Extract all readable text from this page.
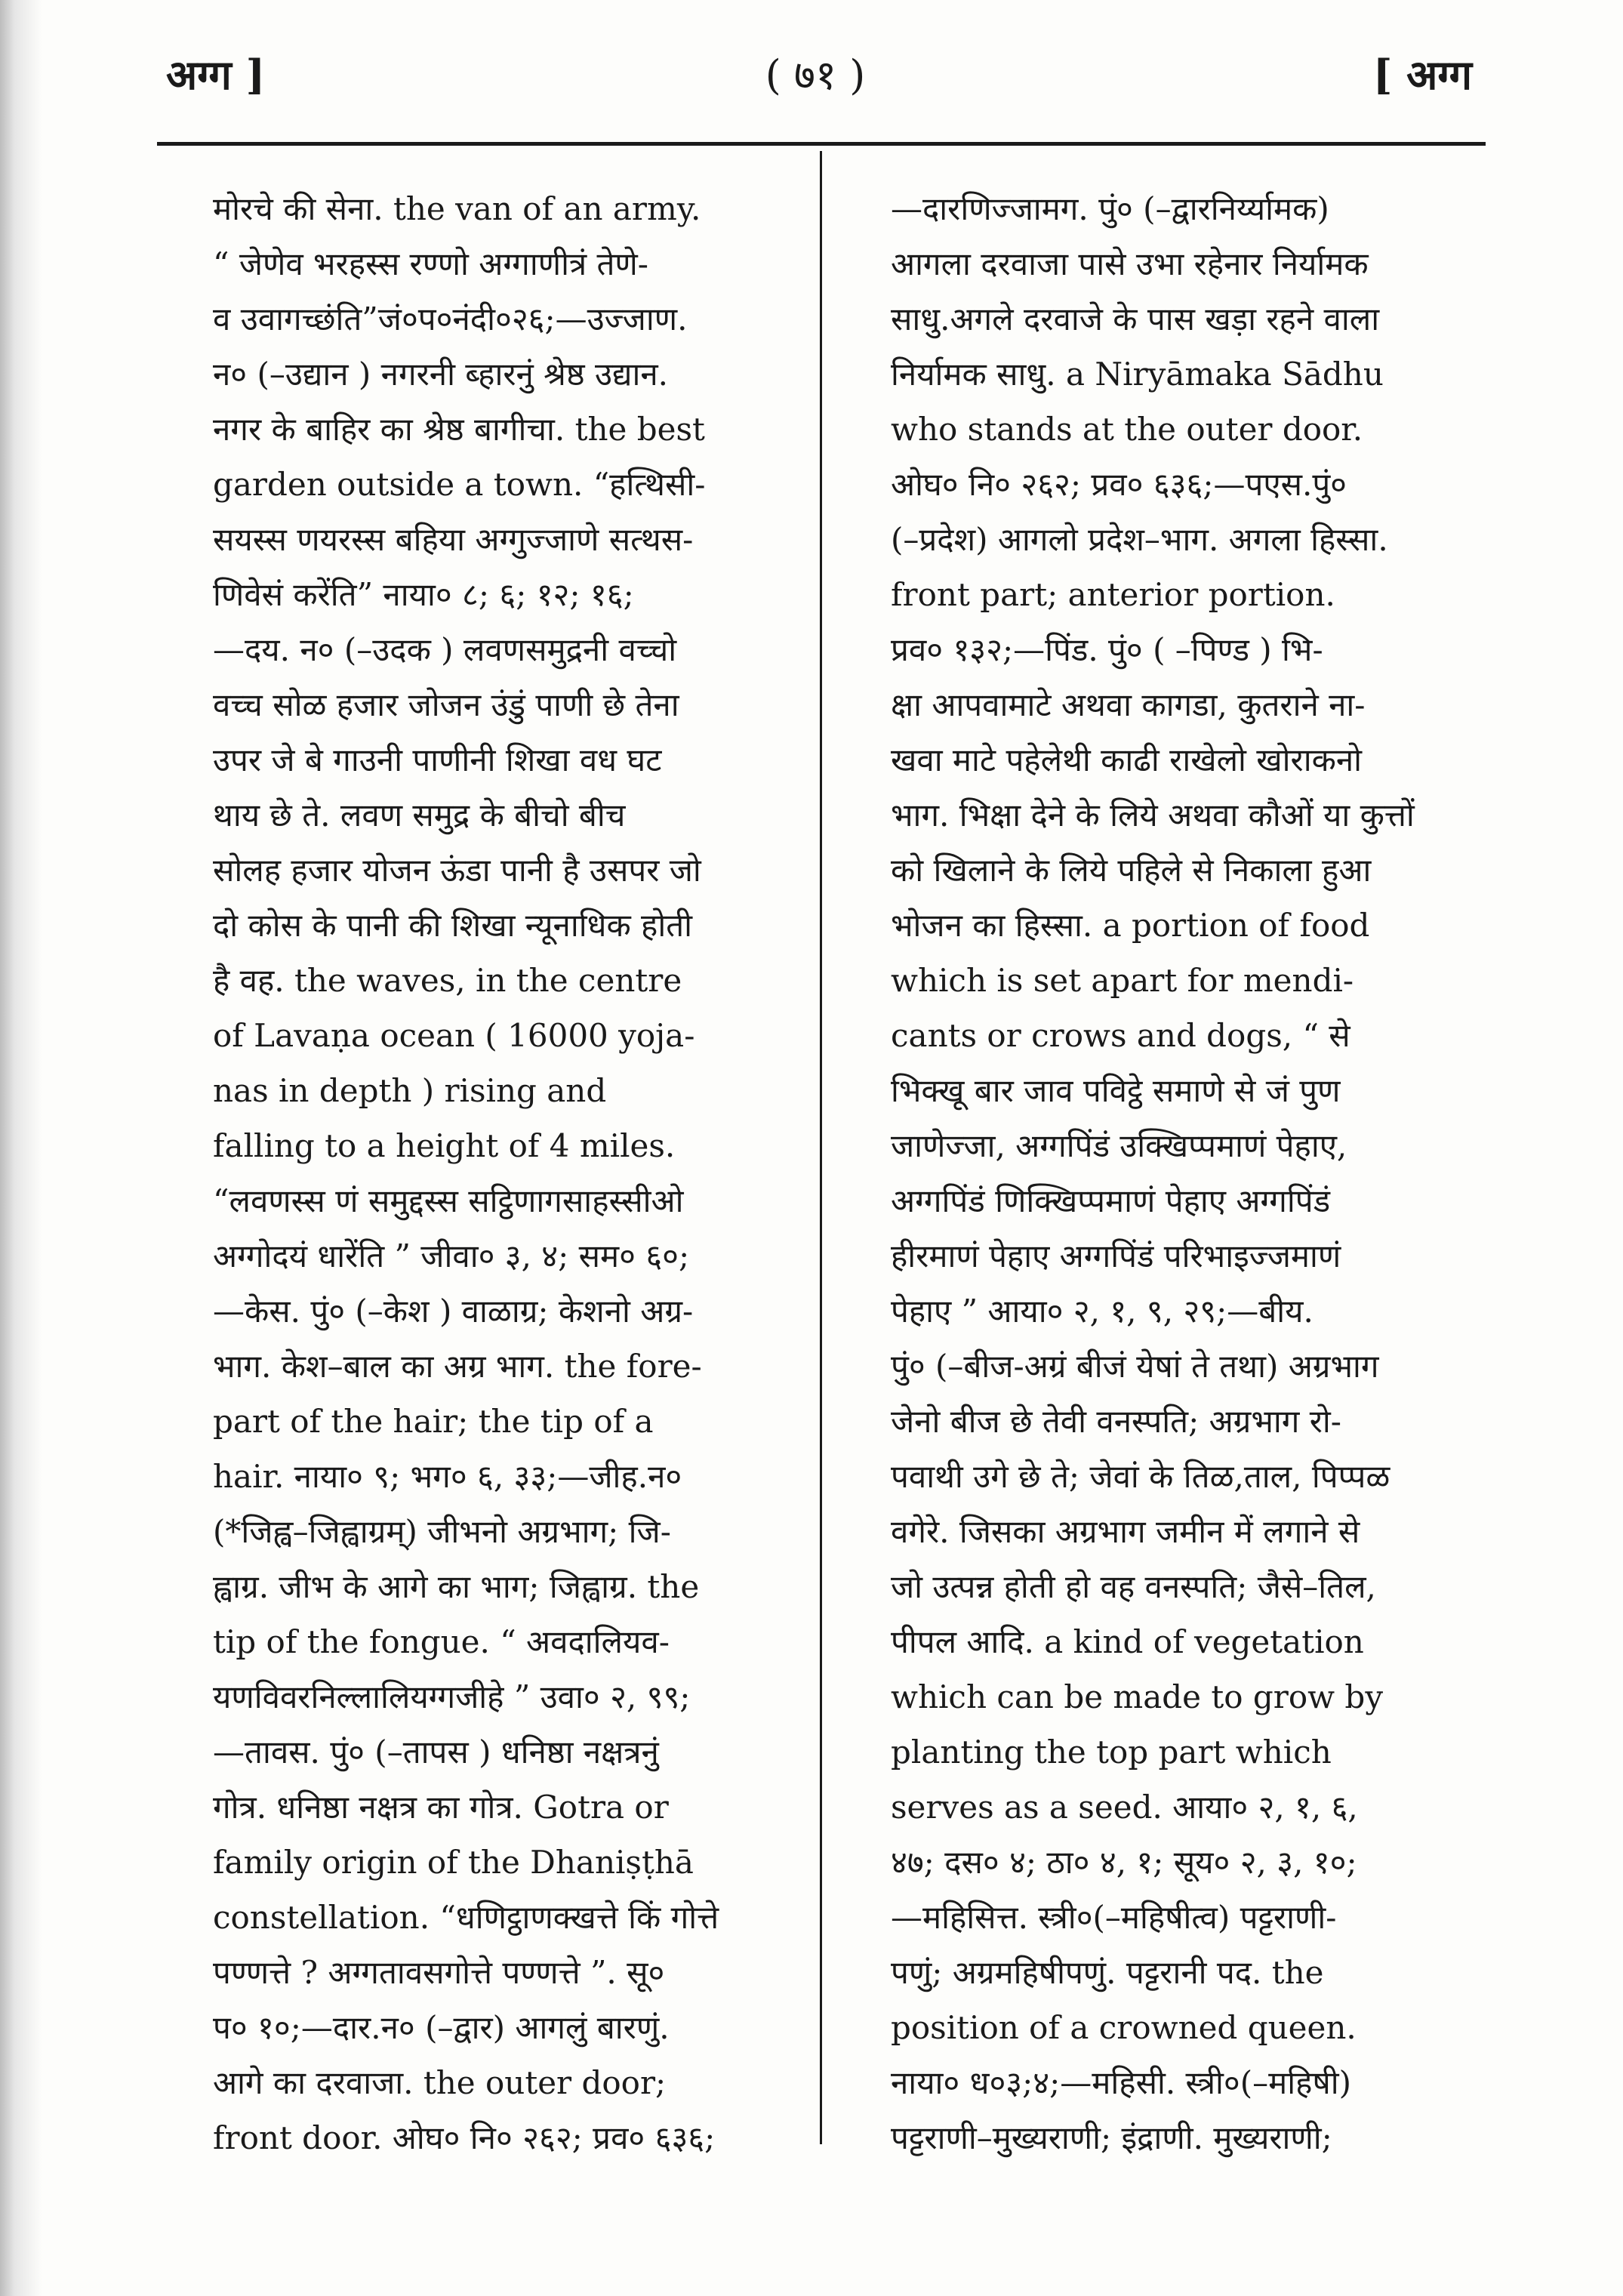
अग्ग ]	( ७१ )	[ अग्ग
मोरचे की सेना. the van of an army.
“ जेणेव भरहस्स रण्णो अग्गाणीत्रं तेणे-
व उवागच्छंति”जं०प०नंदी०२६;—उज्जाण.
न० (–उद्यान ) नगरनी ब्हारनुं श्रेष्ठ उद्यान.
नगर के बाहिर का श्रेष्ठ बागीचा. the best
garden outside a town. “हत्थिसी-
सयस्स णयरस्स बहिया अग्गुज्जाणे सत्थस-
णिवेसं करेंति” नाया० ८; ६; १२; १६;
—दय. न० (–उदक ) लवणसमुद्रनी वच्चो
वच्च सोळ हजार जोजन उंडुं पाणी छे तेना
उपर जे बे गाउनी पाणीनी शिखा वध घट
थाय छे ते. लवण समुद्र के बीचो बीच
सोलह हजार योजन ऊंडा पानी है उसपर जो
दो कोस के पानी की शिखा न्यूनाधिक होती
है वह. the waves, in the centre
of Lavaṇa ocean ( 16000 yoja-
nas in depth ) rising and
falling to a height of 4 miles.
“लवणस्स णं समुद्दस्स सट्ठिणागसाहस्सीओ
अग्गोदयं धारेंति ” जीवा० ३, ४; सम० ६०;
—केस. पुं० (–केश ) वाळाग्र; केशनो अग्र-
भाग. केश–बाल का अग्र भाग. the fore-
part of the hair; the tip of a
hair. नाया० ९; भग० ६, ३३;—जीह.न०
(*जिह्व–जिह्वाग्रम्) जीभनो अग्रभाग; जि-
ह्वाग्र. जीभ के आगे का भाग; जिह्वाग्र. the
tip of the fongue. “ अवदालियव-
यणविवरनिल्लालियग्गजीहे ” उवा० २, ९९;
—तावस. पुं० (–तापस ) धनिष्ठा नक्षत्रनुं
गोत्र. धनिष्ठा नक्षत्र का गोत्र. Gotra or
family origin of the Dhaniṣṭhā
constellation. “धणिट्ठाणक्खत्ते किं गोत्ते
पण्णत्ते ? अग्गतावसगोत्ते पण्णत्ते ”. सू०
प० १०;—दार.न० (–द्वार) आगलुं बारणुं.
आगे का दरवाजा. the outer door;
front door. ओघ० नि० २६२; प्रव० ६३६;
—दारणिज्जामग. पुं० (–द्वारनिर्य्यामक)
आगला दरवाजा पासे उभा रहेनार निर्यामक
साधु.अगले दरवाजे के पास खड़ा रहने वाला
निर्यामक साधु. a Niryāmaka Sādhu
who stands at the outer door.
ओघ० नि० २६२; प्रव० ६३६;—पएस.पुं०
(–प्रदेश) आगलो प्रदेश–भाग. अगला हिस्सा.
front part; anterior portion.
प्रव० १३२;—पिंड. पुं० ( –पिण्ड ) भि-
क्षा आपवामाटे अथवा कागडा, कुतराने ना-
खवा माटे पहेलेथी काढी राखेलो खोराकनो
भाग. भिक्षा देने के लिये अथवा कौओं या कुत्तों
को खिलाने के लिये पहिले से निकाला हुआ
भोजन का हिस्सा. a portion of food
which is set apart for mendi-
cants or crows and dogs, “ से
भिक्खू बार जाव पविट्ठे समाणे से जं पुण
जाणेज्जा, अग्गपिंडं उक्खिप्पमाणं पेहाए,
अग्गपिंडं णिक्खिप्पमाणं पेहाए अग्गपिंडं
हीरमाणं पेहाए अग्गपिंडं परिभाइज्जमाणं
पेहाए ” आया० २, १, ९, २९;—बीय.
पुं० (–बीज-अग्रं बीजं येषां ते तथा) अग्रभाग
जेनो बीज छे तेवी वनस्पति; अग्रभाग रो-
पवाथी उगे छे ते; जेवां के तिळ,ताल, पिप्पळ
वगेरे. जिसका अग्रभाग जमीन में लगाने से
जो उत्पन्न होती हो वह वनस्पति; जैसे–तिल,
पीपल आदि. a kind of vegetation
which can be made to grow by
planting the top part which
serves as a seed. आया० २, १, ६,
४७; दस० ४; ठा० ४, १; सूय० २, ३, १०;
—महिसित्त. स्त्री०(–महिषीत्व) पट्टराणी-
पणुं; अग्रमहिषीपणुं. पट्टरानी पद. the
position of a crowned queen.
नाया० ध०३;४;—महिसी. स्त्री०(–महिषी)
पट्टराणी–मुख्यराणी; इंद्राणी. मुख्यराणी;
